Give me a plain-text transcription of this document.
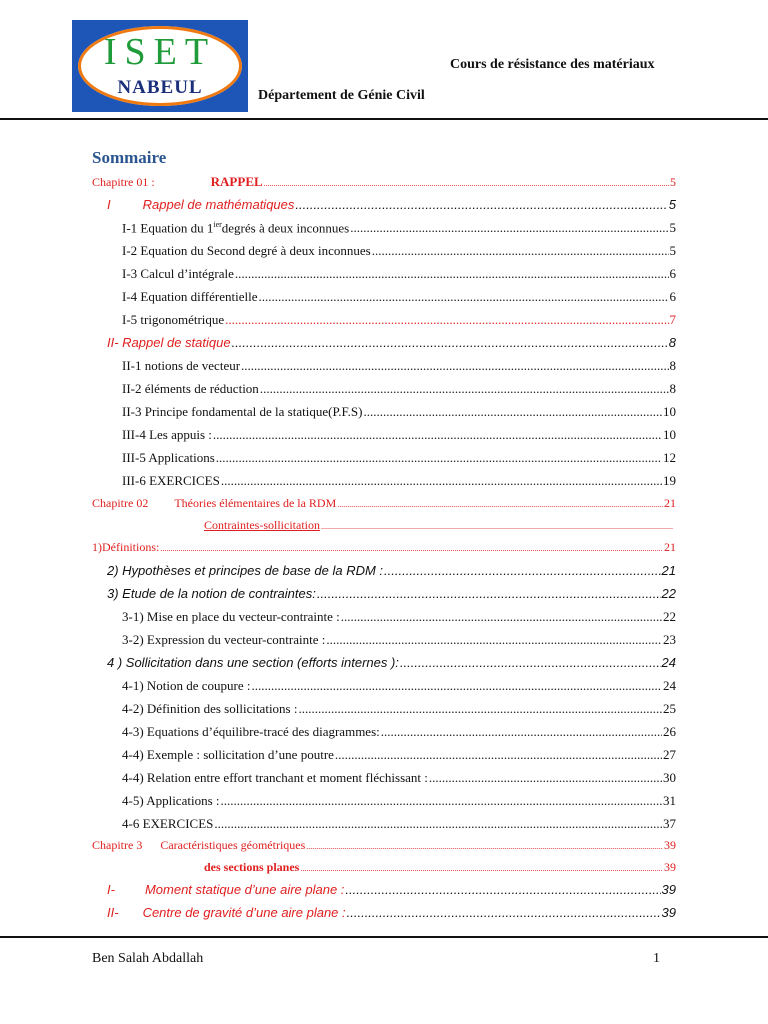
ISET
NABEUL
Cours de résistance des matériaux
Département de Génie Civil
Sommaire
Chapitre 01 :	RAPPEL .....	5
I Rappel de mathématiques .....	5
I-1 Equation du $1^{ier}degrés$ à deux inconnues .....	5
I-2 Equation du Second degré à deux inconnues .....	5
I-3 Calcul d’intégrale .....	6
I-4 Equation différentielle .....	6
I-5 trigonométrique .....	7
II- Rappel de statique .....	8
II-1 notions de vecteur .....	8
II-2 éléments de réduction .....	8
II-3 Principe fondamental de la statique(P.F.S) .....	10
III-4 Les appuis : .....	10
III-5 Applications .....	12
III-6 EXERCICES .....	19
Chapitre 02 Théories élémentaires de la RDM .....	21
Contraintes-sollicitation
.....
1)Définitions: .....	21
2) Hypothèses et principes de base de la RDM : .....	21
3) Etude de la notion de contraintes: .....	22
3-1) Mise en place du vecteur-contrainte : .....	22
3-2) Expression du vecteur-contrainte : .....	23
4 ) Sollicitation dans une section (efforts internes ): .....	24
4-1) Notion de coupure : .....	24
4-2) Définition des sollicitations : .....	25
4-3) Equations d’équilibre-tracé des diagrammes: .....	26
4-4) Exemple : sollicitation d’une poutre .....	27
4-4) Relation entre effort tranchant et moment fléchissant : .....	30
4-5) Applications : .....	31
4-6 EXERCICES .....	37
Chapitre 3 Caractéristiques géométriques .....	39
des sections planes .....	39
I- Moment statique d’une aire plane : .....	39
II- Centre de gravité d’une aire plane : .....	39
Ben Salah Abdallah	1
